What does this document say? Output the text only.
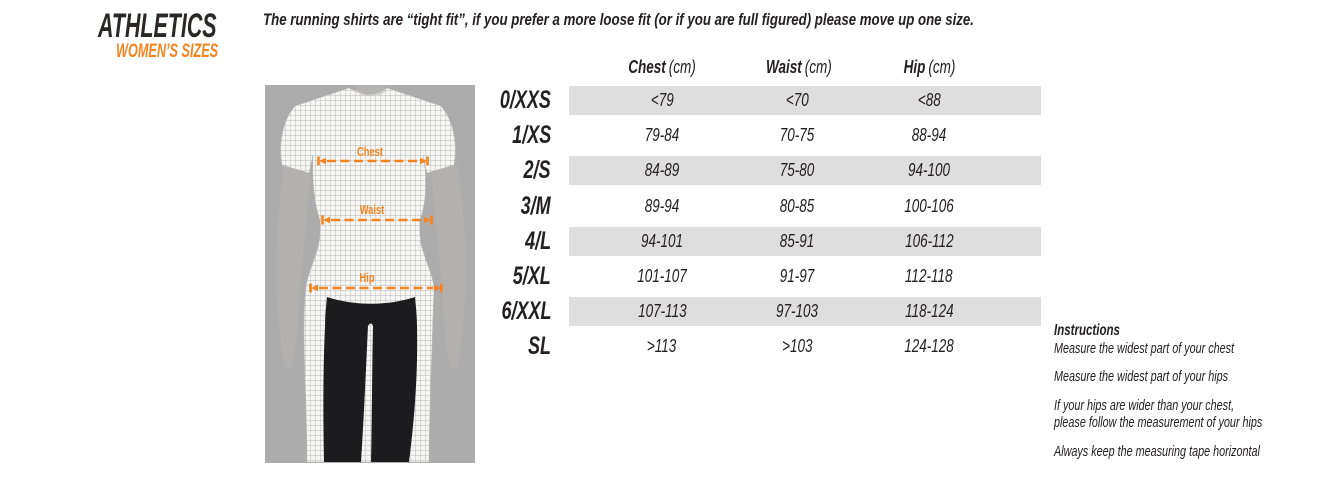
ATHLETICS
WOMEN’S SIZES
The running shirts are “tight fit”, if you prefer a more loose fit (or if you are full figured) please move up one size.
Chest
Waist
Hip
Chest (cm)	Waist (cm)	Hip (cm)
0/XXS	<79	<70	<88
1/XS	79-84	70-75	88-94
2/S	84-89	75-80	94-100
3/M	89-94	80-85	100-106
4/L	94-101	85-91	106-112
5/XL	101-107	91-97	112-118
6/XXL	107-113	97-103	118-124
SL	>113	>103	124-128
Instructions
Measure the widest part of your chest
Measure the widest part of your hips
If your hips are wider than your chest,
please follow the measurement of your hips
Always keep the measuring tape horizontal
